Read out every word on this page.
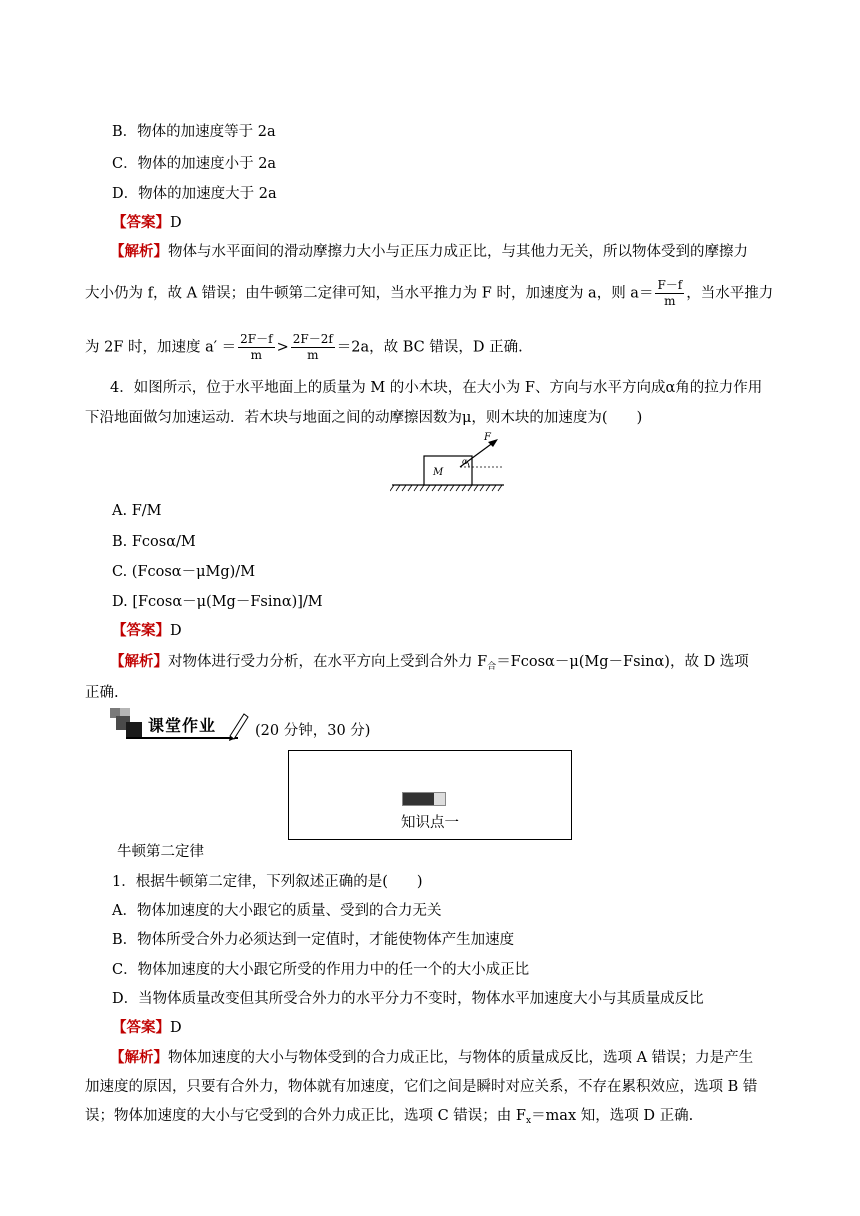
B．物体的加速度等于 2a
C．物体的加速度小于 2a
D．物体的加速度大于 2a
【答案】D
【解析】物体与水平面间的滑动摩擦力大小与正压力成正比，与其他力无关，所以物体受到的摩擦力
大小仍为 f，故 A 错误；由牛顿第二定律可知，当水平推力为 F 时，加速度为 a，则 $a= \frac{F-f}{m}$ ，当水平推力
为 2F 时，加速度 $a' = \frac{2F-f}{m} > \frac{2F-2f}{m} =2a$，故 BC 错误，D 正确.
4．如图所示，位于水平地面上的质量为 M 的小木块，在大小为 F、方向与水平方向成α角的拉力作用
下沿地面做匀加速运动．若木块与地面之间的动摩擦因数为μ，则木块的加速度为(　　)
M
F
α
A. F/M
B. Fcosα/M
C. (Fcosα－μMg)/M
D. [Fcosα－μ(Mg－Fsinα)]/M
【答案】D
【解析】对物体进行受力分析，在水平方向上受到合外力 $F_合=Fcos\alpha-\mu(Mg-Fsin\alpha)$，故 D 选项
正确.
课堂作业	(20 分钟，30 分)
知识点一
牛顿第二定律
1．根据牛顿第二定律，下列叙述正确的是(　　)
A．物体加速度的大小跟它的质量、受到的合力无关
B．物体所受合外力必须达到一定值时，才能使物体产生加速度
C．物体加速度的大小跟它所受的作用力中的任一个的大小成正比
D．当物体质量改变但其所受合外力的水平分力不变时，物体水平加速度大小与其质量成反比
【答案】D
【解析】物体加速度的大小与物体受到的合力成正比，与物体的质量成反比，选项 A 错误；力是产生
加速度的原因，只要有合外力，物体就有加速度，它们之间是瞬时对应关系，不存在累积效应，选项 B 错
误；物体加速度的大小与它受到的合外力成正比，选项 C 错误；由 $F_x=\max$ 知，选项 D 正确.
